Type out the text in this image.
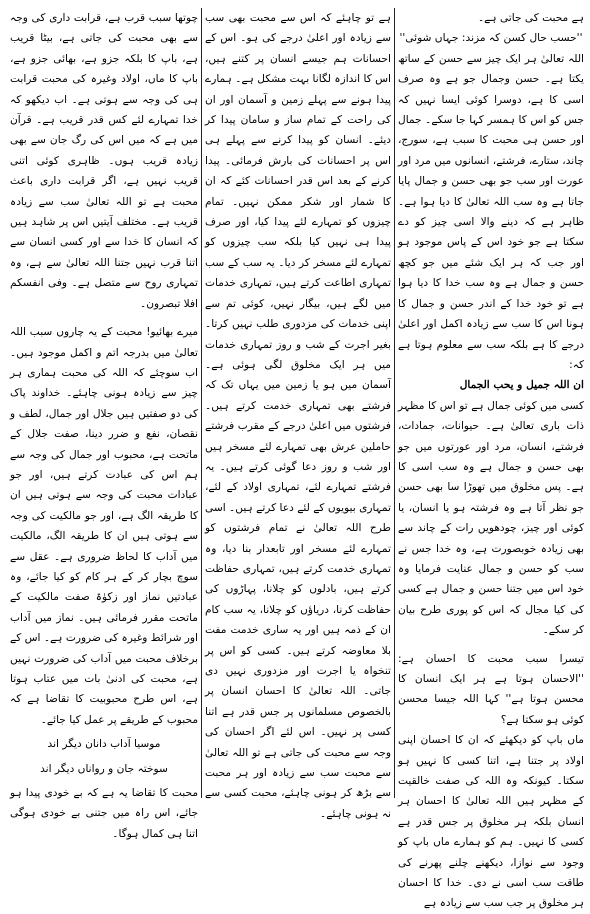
ہے محبت کی جاتی ہے۔

''حسب حال کسن کہ مزند: جہاں شوئی''

اللہ تعالیٰ ہر ایک چیز سے حسن کے ساتھ یکتا ہے۔ حسن وجمال جو ہے وہ صرف اسی کا ہے، دوسرا کوئی ایسا نہیں کہ جس کو اس کا ہمسر کہا جا سکے۔ جمال اور حسن ہی محبت کا سبب ہے، سورج، چاند، ستارے، فرشتے، انسانوں میں مرد اور عورت اور سب جو بھی حسن و جمال پایا جاتا ہے وہ سب اللہ تعالیٰ کا دیا ہوا ہے۔ ظاہر ہے کہ دینے والا اسی چیز کو دے سکتا ہے جو خود اس کے پاس موجود ہو اور جب کہ ہر ایک شئے میں جو کچھ حسن و جمال ہے وہ سب خدا کا دیا ہوا ہے تو خود خدا کے اندر حسن و جمال کا ہونا اس کا سب سے زیادہ اکمل اور اعلیٰ درجے کا ہے بلکہ سب سے معلوم ہوتا ہے کہ:

ان اللہ جمیل و یحب الجمال

کسی میں کوئی جمال ہے تو اس کا مظہر ذات باری تعالیٰ ہے۔ حیوانات، جمادات، فرشتے، انسان، مرد اور عورتوں میں جو بھی حسن و جمال ہے وہ سب اسی کا ہے۔ پس مخلوق میں تھوڑا سا بھی حسن جو نظر آتا ہے وہ فرشتہ ہو یا انسان، یا کوئی اور چیز، چودھویں رات کے چاند سے بھی زیادہ خوبصورت ہے، وہ خدا جس نے سب کو حسن و جمال عنایت فرمایا وہ خود اس میں جتنا حسن و جمال ہے کسی کی کیا مجال کہ اس کو پوری طرح بیان کر سکے۔

تیسرا سبب محبت کا احسان ہے: ''الاحسان ہوتا ہے ہر ایک انسان کا محسن ہوتا ہے'' کہا اللہ جیسا محسن کوئی ہو سکتا ہے؟

ماں باپ کو دیکھئے کہ ان کا احسان اپنی اولاد پر جتنا ہے، اتنا کسی کا نہیں ہو سکتا۔ کیونکہ وہ اللہ کی صفت خالقیت کے مظہر ہیں اللہ تعالیٰ کا احسان ہر انسان بلکہ ہر مخلوق پر جس قدر ہے کسی کا نہیں۔ ہم کو ہمارے ماں باپ کو وجود سے نوازا، دیکھنے چلنے پھرنے کی طاقت سب اسی نے دی۔ خدا کا احسان ہر مخلوق پر جب سب سے زیادہ ہے

ہے تو چاہئے کہ اس سے محبت بھی سب سے زیادہ اور اعلیٰ درجے کی ہو۔ اس کے احسانات ہم جیسے انسان پر کتنے ہیں، اس کا اندازہ لگانا بہت مشکل ہے۔ ہمارے پیدا ہونے سے پہلے زمین و آسمان اور ان کی راحت کے تمام ساز و سامان پیدا کر دیئے۔ انسان کو پیدا کرنے سے پہلے ہی اس پر احسانات کی بارش فرمائی۔ پیدا کرنے کے بعد اس قدر احسانات کئے کہ ان کا شمار اور شکر ممکن نہیں۔ تمام چیزوں کو تمہارے لئے پیدا کیا، اور صرف پیدا ہی نہیں کیا بلکہ سب چیزوں کو تمہارے لئے مسخر کر دیا۔ یہ سب کے سب تمہاری اطاعت کرتے ہیں، تمہاری خدمات میں لگے ہیں، بیگار نہیں، کوئی تم سے اپنی خدمات کی مزدوری طلب نہیں کرتا۔ بغیر اجرت کے شب و روز تمہاری خدمات میں ہر ایک مخلوق لگی ہوئی ہے۔ آسمان میں ہو یا زمین میں یہاں تک کہ فرشتے بھی تمہاری خدمت کرتے ہیں۔ فرشتوں میں اعلیٰ درجے کے مقرب فرشتے حاملین عرش بھی تمہارے لئے مسخر ہیں اور شب و روز دعا گوئی کرتے ہیں۔ یہ فرشتے تمہارے لئے، تمہاری اولاد کے لئے، تمہاری بیویوں کے لئے دعا کرتے ہیں۔ اسی طرح اللہ تعالیٰ نے تمام فرشتوں کو تمہارے لئے مسخر اور تابعدار بنا دیا، وہ تمہاری خدمت کرتے ہیں، تمہاری حفاظت کرتے ہیں، بادلوں کو چلانا، پہاڑوں کی حفاظت کرنا، دریاؤں کو چلانا، یہ سب کام ان کے ذمہ ہیں اور یہ ساری خدمت مفت بلا معاوضہ کرتے ہیں۔ کسی کو اس پر تنخواہ یا اجرت اور مزدوری نہیں دی جاتی۔ اللہ تعالیٰ کا احسان انسان پر بالخصوص مسلمانوں پر جس قدر ہے اتنا کسی پر نہیں۔ اس لئے اگر احسان کی وجہ سے محبت کی جاتی ہے تو اللہ تعالیٰ سے محبت سب سے زیادہ اور ہر محبت سے بڑھ کر ہونی چاہئے، محبت کسی سے نہ ہونی چاہئے۔

چوتھا سبب قرب ہے، قرابت داری کی وجہ سے بھی محبت کی جاتی ہے، بیٹا قریب ہے، باپ کا بلکہ جزو ہے، بھائی جزو ہے، باپ کا ماں، اولاد وغیرہ کی محبت قرابت ہی کی وجہ سے ہوتی ہے۔ اب دیکھو کہ خدا تمہارے لئے کس قدر قریب ہے۔ قرآن میں ہے کہ میں اس کی رگ جان سے بھی زیادہ قریب ہوں۔ ظاہری کوئی اتنی قریب نہیں ہے، اگر قرابت داری باعث محبت ہے تو اللہ تعالیٰ سب سے زیادہ قریب ہے۔ مختلف آیتیں اس پر شاہد ہیں کہ انسان کا خدا سے اور کسی انسان سے اتنا قرب نہیں جتنا اللہ تعالیٰ سے ہے، وہ تمہاری روح سے متصل ہے۔ وفی انفسکم افلا تبصرون۔

میرے بھائیو! محبت کے یہ چاروں سبب اللہ تعالیٰ میں بدرجہ اتم و اکمل موجود ہیں۔ اب سوچئے کہ اللہ کی محبت ہماری ہر چیز سے زیادہ ہونی چاہئے۔ خداوند پاک کی دو صفتیں ہیں جلال اور جمال، لطف و نقصان، نفع و ضرر دینا، صفت جلال کے ماتحت ہے، محبوب اور جمال کی وجہ سے ہم اس کی عبادت کرتے ہیں، اور جو عبادات محبت کی وجہ سے ہوتی ہیں ان کا طریقہ الگ ہے، اور جو مالکیت کی وجہ سے ہوتی ہیں ان کا طریقہ الگ، مالکیت میں آداب کا لحاظ ضروری ہے۔ عقل سے سوچ بچار کر کے ہر کام کو کیا جائے، وہ عبادتیں نماز اور زکوٰۃ صفت مالکیت کے ماتحت مقرر فرمائی ہیں۔ نماز میں آداب اور شرائط وغیرہ کی ضرورت ہے۔ اس کے برخلاف محبت میں آداب کی ضرورت نہیں ہے، محبت کی ادنیٰ بات میں عتاب ہوتا ہے، اس طرح محبوبیت کا تقاضا ہے کہ محبوب کے طریقے پر عمل کیا جائے۔

موسیا آداب دانان دیگر اند

سوختہ جان و رواناں دیگر اند

محبت کا تقاضا یہ ہے کہ بے خودی پیدا ہو جائے، اس راہ میں جتنی بے خودی ہوگی اتنا ہی کمال ہوگا۔
